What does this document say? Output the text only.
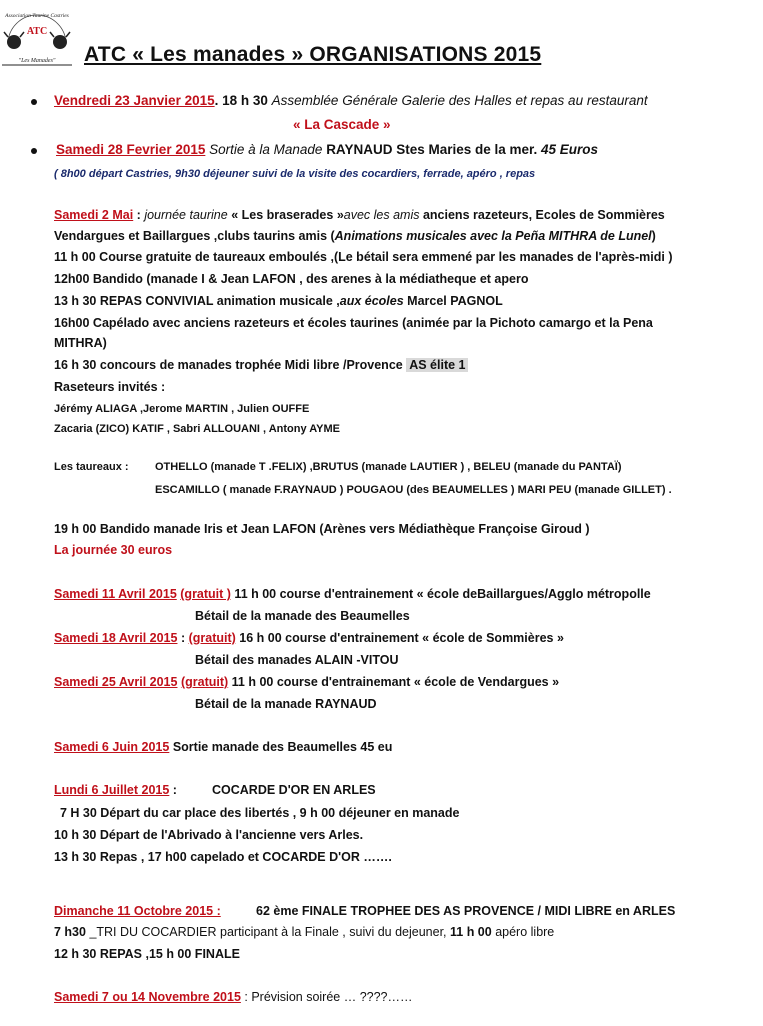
Association Taurine Castries
ATC
"Les Manades" ATC « Les manades » ORGANISATIONS 2015
Vendredi 23 Janvier 2015. 18 h 30 Assemblée Générale Galerie des Halles et repas au restaurant
« La Cascade »
Samedi 28 Fevrier 2015 Sortie à la Manade RAYNAUD Stes Maries de la mer. 45 Euros
( 8h00 départ Castries, 9h30 déjeuner suivi de la visite des cocardiers, ferrade, apéro , repas
Samedi 2 Mai : journée taurine « Les braserades »avec les amis anciens razeteurs, Ecoles de Sommières
Vendargues et Baillargues ,clubs taurins amis (Animations musicales avec la Peña MITHRA de Lunel)
11 h 00 Course gratuite de taureaux emboulés ,(Le bétail sera emmené par les manades de l'après-midi )
12h00 Bandido (manade I & Jean LAFON , des arenes à la médiatheque et apero
13 h 30 REPAS CONVIVIAL animation musicale ,aux écoles Marcel PAGNOL
16h00 Capélado avec anciens razeteurs et écoles taurines (animée par la Pichoto camargo et la Pena
MITHRA)
16 h 30 concours de manades trophée Midi libre /Provence AS élite 1
Raseteurs invités :
Jérémy ALIAGA ,Jerome MARTIN , Julien OUFFE
Zacaria (ZICO) KATIF , Sabri ALLOUANI , Antony AYME
Les taureaux : OTHELLO (manade T .FELIX) ,BRUTUS (manade LAUTIER ) , BELEU (manade du PANTAÏ)
ESCAMILLO ( manade F.RAYNAUD ) POUGAOU (des BEAUMELLES ) MARI PEU (manade GILLET) .
19 h 00 Bandido manade Iris et Jean LAFON (Arènes vers Médiathèque Françoise Giroud )
La journée 30 euros
Samedi 11 Avril 2015 (gratuit ) 11 h 00 course d'entrainement « école deBaillargues/Agglo métropolle
Bétail de la manade des Beaumelles
Samedi 18 Avril 2015 : (gratuit) 16 h 00 course d'entrainement « école de Sommières »
Bétail des manades ALAIN -VITOU
Samedi 25 Avril 2015 (gratuit) 11 h 00 course d'entrainemant « école de Vendargues »
Bétail de la manade RAYNAUD
Samedi 6 Juin 2015 Sortie manade des Beaumelles 45 eu
Lundi 6 Juillet 2015 :	COCARDE D'OR EN ARLES
7 H 30 Départ du car place des libertés , 9 h 00 déjeuner en manade
10 h 30 Départ de l'Abrivado à l'ancienne vers Arles.
13 h 30 Repas , 17 h00 capelado et COCARDE D'OR …….
Dimanche 11 Octobre 2015 :	62 ème FINALE TROPHEE DES AS PROVENCE / MIDI LIBRE en ARLES
7 h30 _TRI DU COCARDIER participant à la Finale , suivi du dejeuner, 11 h 00 apéro libre
12 h 30 REPAS ,15 h 00 FINALE
Samedi 7 ou 14 Novembre 2015 : Prévision soirée … ????……
